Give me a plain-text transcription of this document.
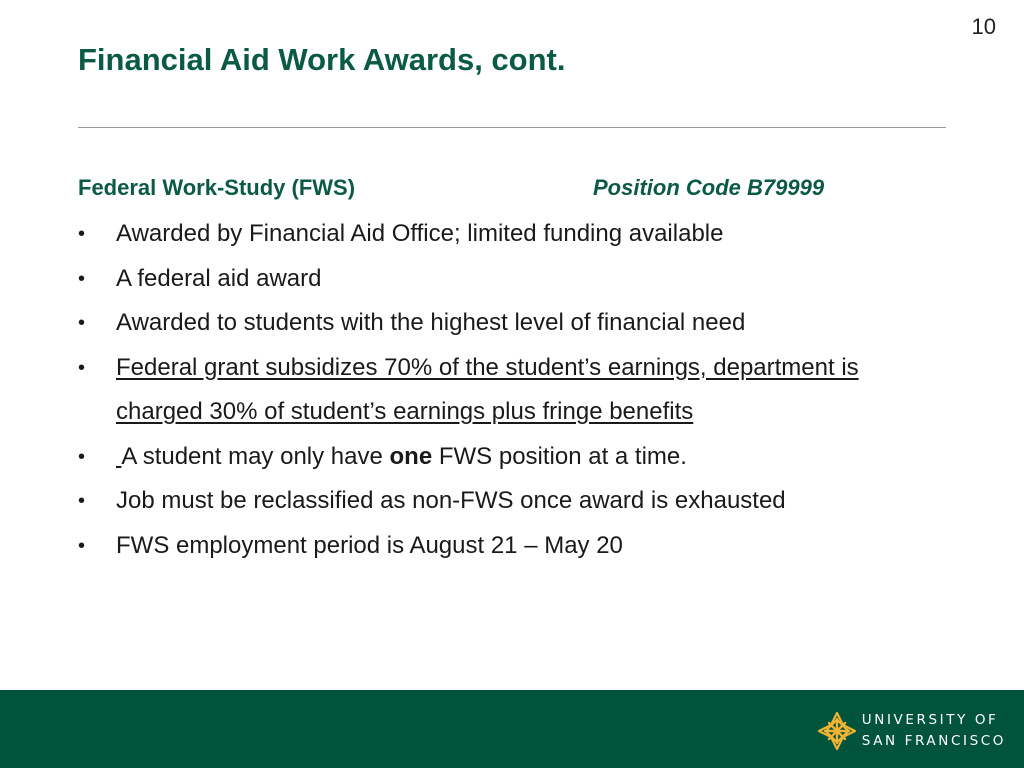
10
Financial Aid Work Awards, cont.
Federal Work-Study (FWS)	Position Code B79999
•	Awarded by Financial Aid Office; limited funding available
•	A federal aid award
•	Awarded to students with the highest level of financial need
•	Federal grant subsidizes 70% of the student’s earnings, department is charged 30% of student’s earnings plus fringe benefits
•	A student may only have one FWS position at a time.
•	Job must be reclassified as non-FWS once award is exhausted
•	FWS employment period is August 21 – May 20
UNIVERSITY OF
SAN FRANCISCO
